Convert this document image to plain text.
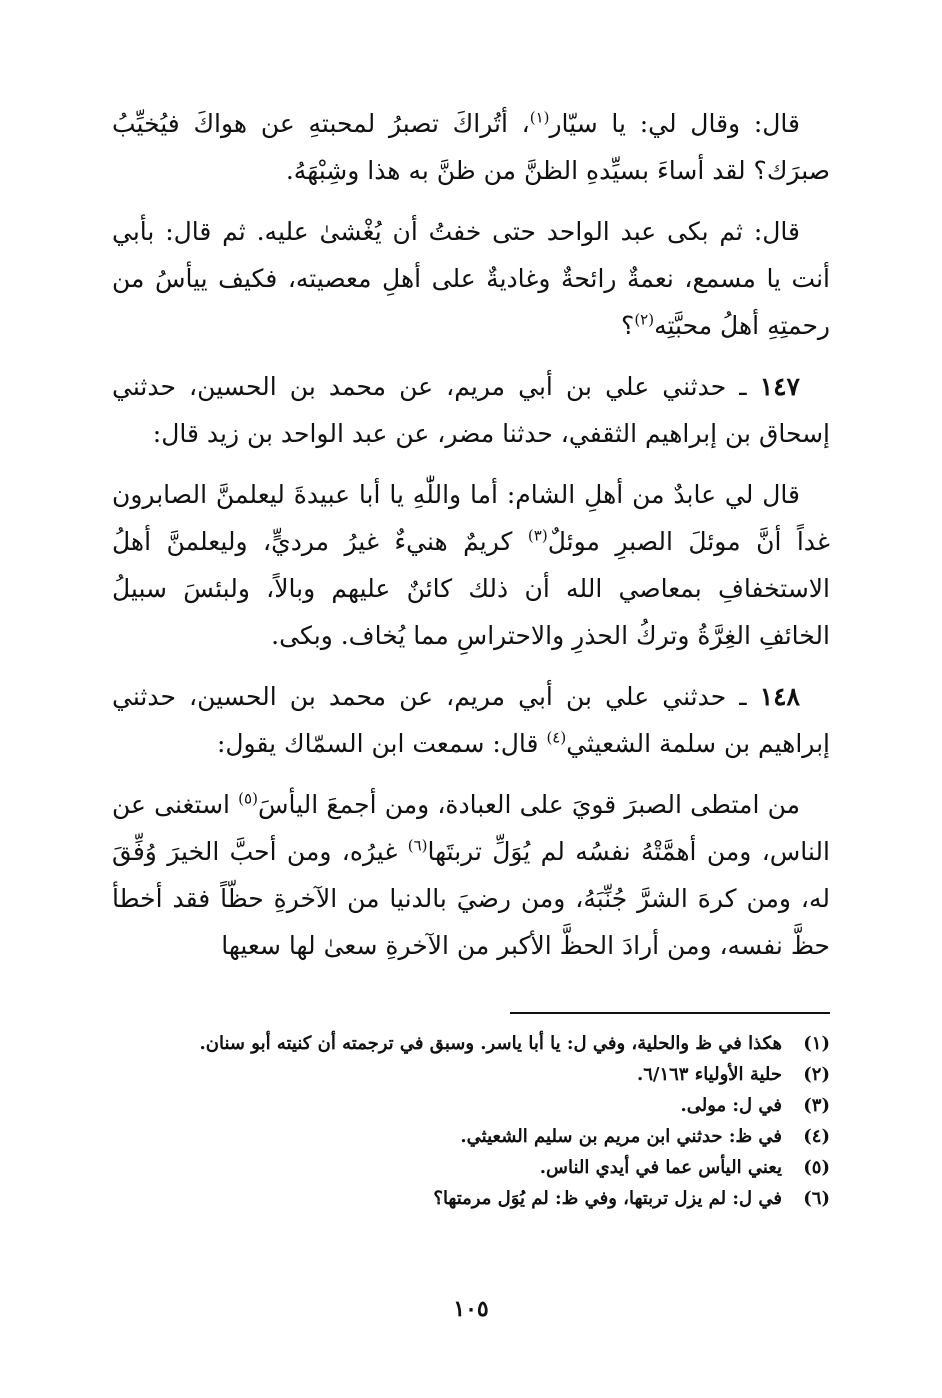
قال: وقال لي: يا سيّار$^{(١)}$، أتُراكَ تصبرُ لمحبتهِ عن هواكَ فيُخيِّبُ صبرَك؟ لقد أساءَ بسيِّدهِ الظنَّ من ظنَّ به هذا وشِبْهَهُ.

قال: ثم بكى عبد الواحد حتى خفتُ أن يُغْشىٰ عليه. ثم قال: بأبي أنت يا مسمع، نعمةٌ رائحةٌ وغاديةٌ على أهلِ معصيته، فكيف ييأسُ من رحمتِهِ أهلُ محبَّتِه$^{(٢)}$؟

١٤٧ ـ حدثني علي بن أبي مريم، عن محمد بن الحسين، حدثني إسحاق بن إبراهيم الثقفي، حدثنا مضر، عن عبد الواحد بن زيد قال:

قال لي عابدٌ من أهلِ الشام: أما واللّٰهِ يا أبا عبيدةَ ليعلمنَّ الصابرون غداً أنَّ موئلَ الصبرِ موئلٌ$^{(٣)}$ كريمٌ هنيءٌ غيرُ مرديٍّ، وليعلمنَّ أهلُ الاستخفافِ بمعاصي الله أن ذلك كائنٌ عليهم وبالاً، ولبئسَ سبيلُ الخائفِ الغِرَّةُ وتركُ الحذرِ والاحتراسِ مما يُخاف. وبكى.

١٤٨ ـ حدثني علي بن أبي مريم، عن محمد بن الحسين، حدثني إبراهيم بن سلمة الشعيثي$^{(٤)}$ قال: سمعت ابن السمّاك يقول:

من امتطى الصبرَ قويَ على العبادة، ومن أجمعَ اليأسَ$^{(٥)}$ استغنى عن الناس، ومن أهمَّتْهُ نفسُه لم يُوَلِّ تربتَها$^{(٦)}$ غيرُه، ومن أحبَّ الخيرَ وُفِّقَ له، ومن كرهَ الشرَّ جُنِّبَهُ، ومن رضيَ بالدنيا من الآخرةِ حظّاً فقد أخطأ حظَّ نفسه، ومن أرادَ الحظَّ الأكبر من الآخرةِ سعىٰ لها سعيها

(١)
هكذا في ظ والحلية، وفي ل: يا أبا ياسر. وسبق في ترجمته أن كنيته أبو سنان.
(٢)
حلية الأولياء ٦/١٦٣.
(٣)
في ل: مولى.
(٤)
في ظ: حدثني ابن مريم بن سليم الشعيثي.
(٥)
يعني اليأس عما في أيدي الناس.
(٦)
في ل: لم يزل تربتها، وفي ظ: لم يُوَل مرمتها؟
١٠٥
